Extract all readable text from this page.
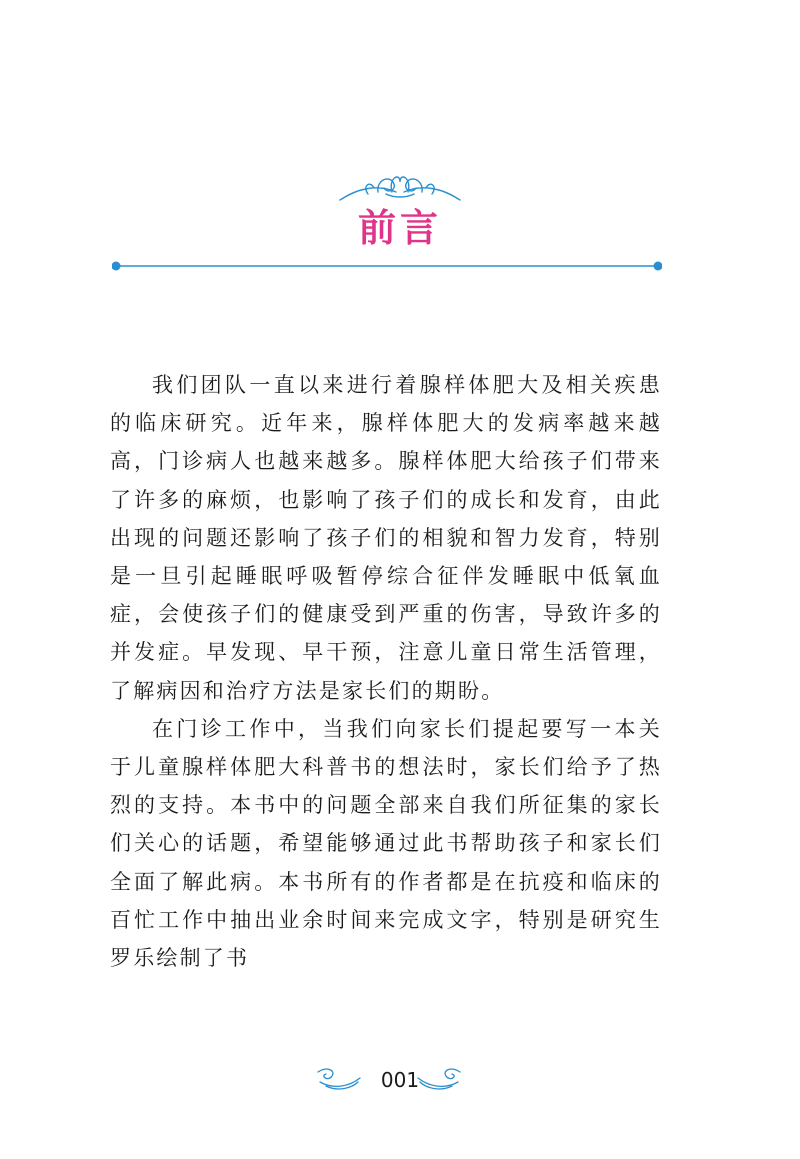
前言

我们团队一直以来进行着腺样体肥大及相关疾患的临床研究。近年来，腺样体肥大的发病率越来越高，门诊病人也越来越多。腺样体肥大给孩子们带来了许多的麻烦，也影响了孩子们的成长和发育，由此出现的问题还影响了孩子们的相貌和智力发育，特别是一旦引起睡眠呼吸暂停综合征伴发睡眠中低氧血症，会使孩子们的健康受到严重的伤害，导致许多的并发症。早发现、早干预，注意儿童日常生活管理，了解病因和治疗方法是家长们的期盼。

在门诊工作中，当我们向家长们提起要写一本关于儿童腺样体肥大科普书的想法时，家长们给予了热烈的支持。本书中的问题全部来自我们所征集的家长们关心的话题，希望能够通过此书帮助孩子和家长们全面了解此病。本书所有的作者都是在抗疫和临床的百忙工作中抽出业余时间来完成文字，特别是研究生罗乐绘制了书

001
